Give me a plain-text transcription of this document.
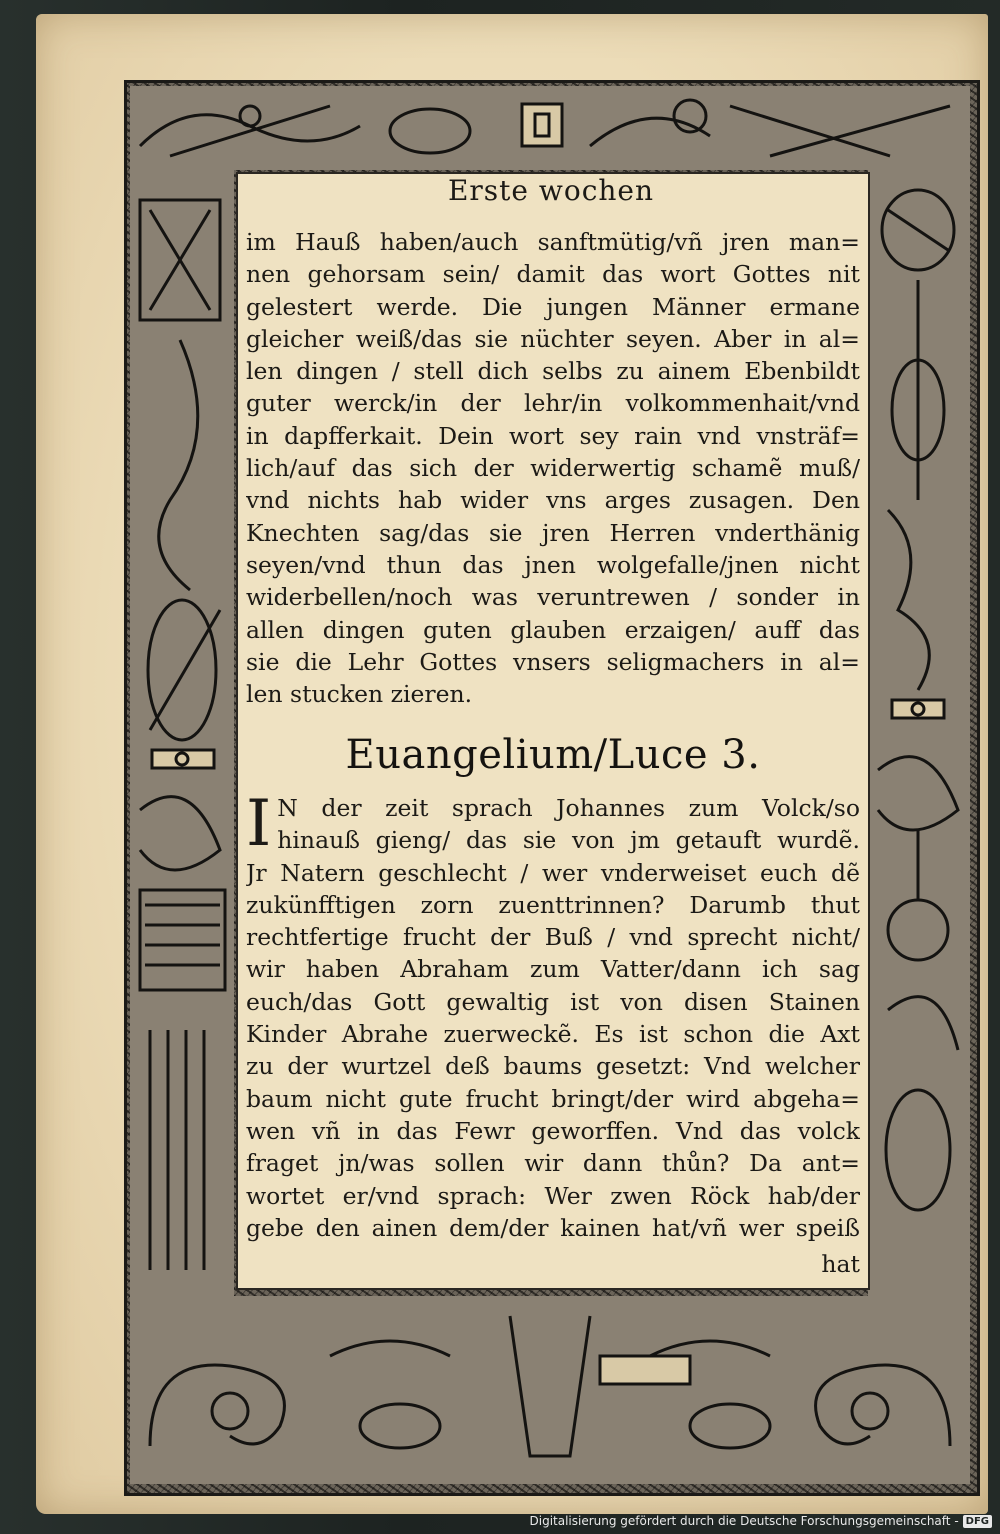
Erste wochen
im Hauß haben/auch sanftmütig/vñ jren man=
nen gehorsam sein/ damit das wort Gottes nit
gelestert werde. Die jungen Männer ermane
gleicher weiß/das sie nüchter seyen. Aber in al=
len dingen / stell dich selbs zu ainem Ebenbildt
guter werck/in der lehr/in volkommenhait/vnd
in dapfferkait. Dein wort sey rain vnd vnsträf=
lich/auf das sich der widerwertig schamẽ muß/
vnd nichts hab wider vns arges zusagen. Den
Knechten sag/das sie jren Herren vnderthänig
seyen/vnd thun das jnen wolgefalle/jnen nicht
widerbellen/noch was veruntrewen / sonder in
allen dingen guten glauben erzaigen/ auff das
sie die Lehr Gottes vnsers seligmachers in al=
len stucken zieren.
Euangelium/Luce 3.
I N der zeit sprach Johannes zum Volck/so
hinauß gieng/ das sie von jm getauft wurdẽ.
Jr Natern geschlecht / wer vnderweiset euch dẽ
zukünfftigen zorn zuenttrinnen? Darumb thut
rechtfertige frucht der Buß / vnd sprecht nicht/
wir haben Abraham zum Vatter/dann ich sag
euch/das Gott gewaltig ist von disen Stainen
Kinder Abrahe zuerweckẽ. Es ist schon die Axt
zu der wurtzel deß baums gesetzt: Vnd welcher
baum nicht gute frucht bringt/der wird abgeha=
wen vñ in das Fewr geworffen. Vnd das volck
fraget jn/was sollen wir dann thůn? Da ant=
wortet er/vnd sprach: Wer zwen Röck hab/der
gebe den ainen dem/der kainen hat/vñ wer speiß
hat
Digitalisierung gefördert durch die Deutsche Forschungsgemeinschaft - DFG
